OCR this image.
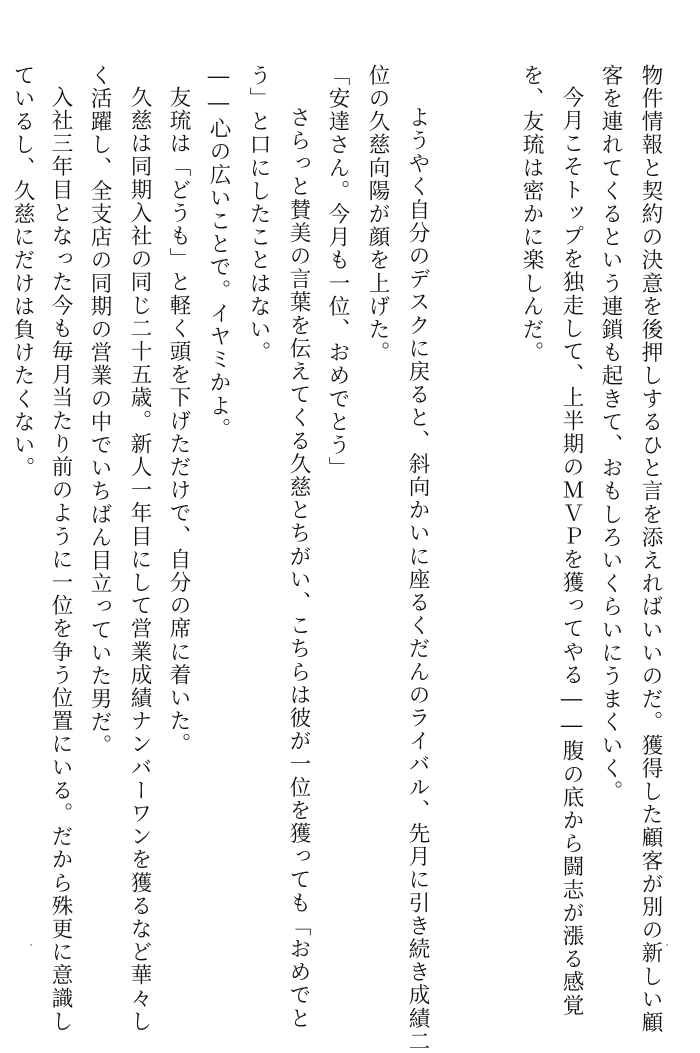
物件情報と契約の決意を後押しするひと言を添えればいいのだ。獲得した顧客が別の新しい顧
客を連れてくるという連鎖も起きて、おもしろいくらいにうまくいく。
今月こそトップを独走して、上半期のＭＶＰを獲ってやる――腹の底から闘志が漲る感覚
を、友琉は密かに楽しんだ。
ようやく自分のデスクに戻ると、斜向かいに座るくだんのライバル、先月に引き続き成績二
位の久慈向陽が顔を上げた。
「安達さん。今月も一位、おめでとう」
さらっと賛美の言葉を伝えてくる久慈とちがい、こちらは彼が一位を獲っても「おめでと
う」と口にしたことはない。
――心の広いことで。イヤミかよ。
友琉は「どうも」と軽く頭を下げただけで、自分の席に着いた。
久慈は同期入社の同じ二十五歳。新人一年目にして営業成績ナンバーワンを獲るなど華々し
く活躍し、全支店の同期の営業の中でいちばん目立っていた男だ。
入社三年目となった今も毎月当たり前のように一位を争う位置にいる。だから殊更に意識し
ているし、久慈にだけは負けたくない。
